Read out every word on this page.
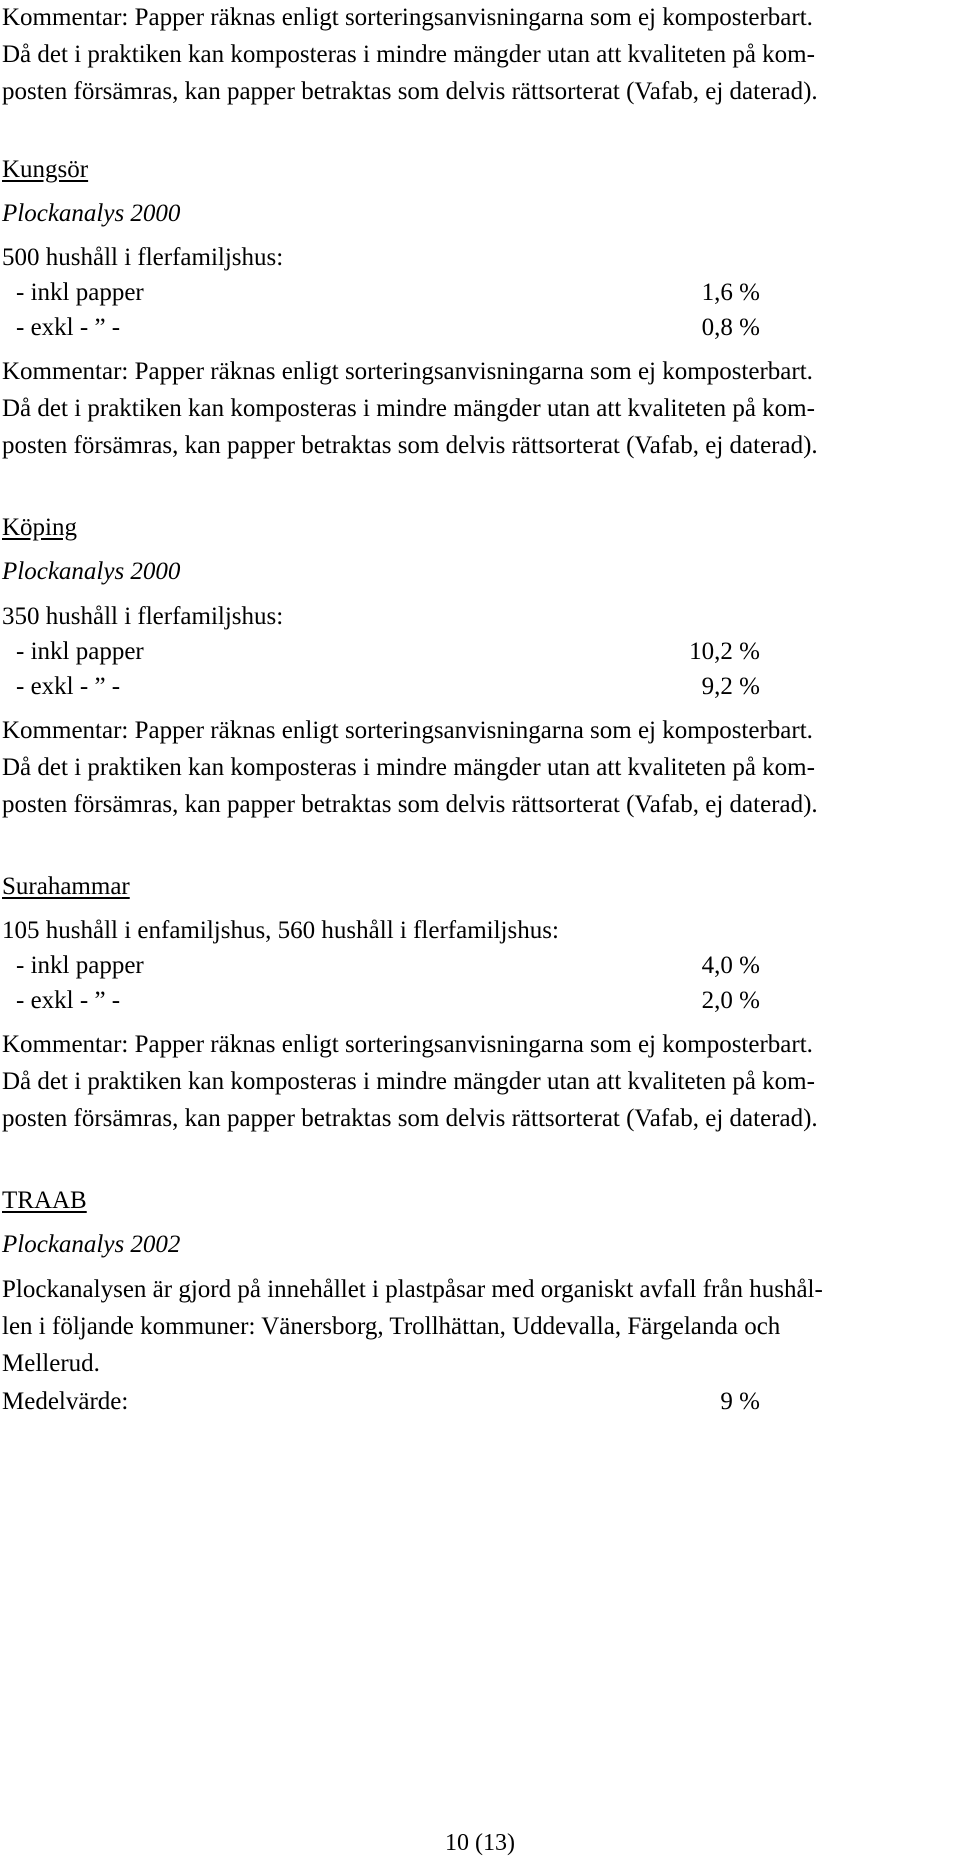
Kommentar: Papper räknas enligt sorteringsanvisningarna som ej komposterbart.
Då det i praktiken kan komposteras i mindre mängder utan att kvaliteten på kom-
posten försämras, kan papper betraktas som delvis rättsorterat (Vafab, ej daterad).
Kungsör
Plockanalys 2000
500 hushåll i flerfamiljshus:
- inkl papper	1,6 %
- exkl - ” -	0,8 %
Kommentar: Papper räknas enligt sorteringsanvisningarna som ej komposterbart.
Då det i praktiken kan komposteras i mindre mängder utan att kvaliteten på kom-
posten försämras, kan papper betraktas som delvis rättsorterat (Vafab, ej daterad).
Köping
Plockanalys 2000
350 hushåll i flerfamiljshus:
- inkl papper	10,2 %
- exkl - ” -	9,2 %
Kommentar: Papper räknas enligt sorteringsanvisningarna som ej komposterbart.
Då det i praktiken kan komposteras i mindre mängder utan att kvaliteten på kom-
posten försämras, kan papper betraktas som delvis rättsorterat (Vafab, ej daterad).
Surahammar
105 hushåll i enfamiljshus, 560 hushåll i flerfamiljshus:
- inkl papper	4,0 %
- exkl - ” -	2,0 %
Kommentar: Papper räknas enligt sorteringsanvisningarna som ej komposterbart.
Då det i praktiken kan komposteras i mindre mängder utan att kvaliteten på kom-
posten försämras, kan papper betraktas som delvis rättsorterat (Vafab, ej daterad).
TRAAB
Plockanalys 2002
Plockanalysen är gjord på innehållet i plastpåsar med organiskt avfall från hushål-
len i följande kommuner: Vänersborg, Trollhättan, Uddevalla, Färgelanda och
Mellerud.
Medelvärde:	9 %
10 (13)
